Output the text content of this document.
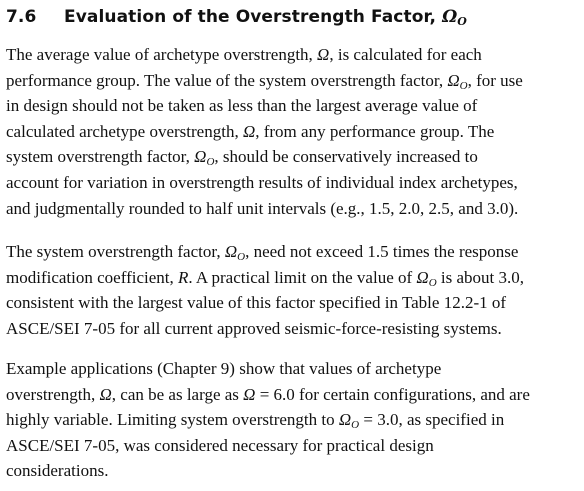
7.6 Evaluation of the Overstrength Factor, $\Omega_O$
The average value of archetype overstrength, Ω, is calculated for each
performance group. The value of the system overstrength factor, $\Omega_O$, for use
in design should not be taken as less than the largest average value of
calculated archetype overstrength, Ω, from any performance group. The
system overstrength factor, $\Omega_O$, should be conservatively increased to
account for variation in overstrength results of individual index archetypes,
and judgmentally rounded to half unit intervals (e.g., 1.5, 2.0, 2.5, and 3.0).
The system overstrength factor, $\Omega_O$, need not exceed 1.5 times the response
modification coefficient, R. A practical limit on the value of $\Omega_O$ is about 3.0,
consistent with the largest value of this factor specified in Table 12.2-1 of
ASCE/SEI 7-05 for all current approved seismic-force-resisting systems.
Example applications (Chapter 9) show that values of archetype
overstrength, Ω, can be as large as Ω = 6.0 for certain configurations, and are
highly variable. Limiting system overstrength to $\Omega_O = 3.0$, as specified in
ASCE/SEI 7-05, was considered necessary for practical design
considerations.
